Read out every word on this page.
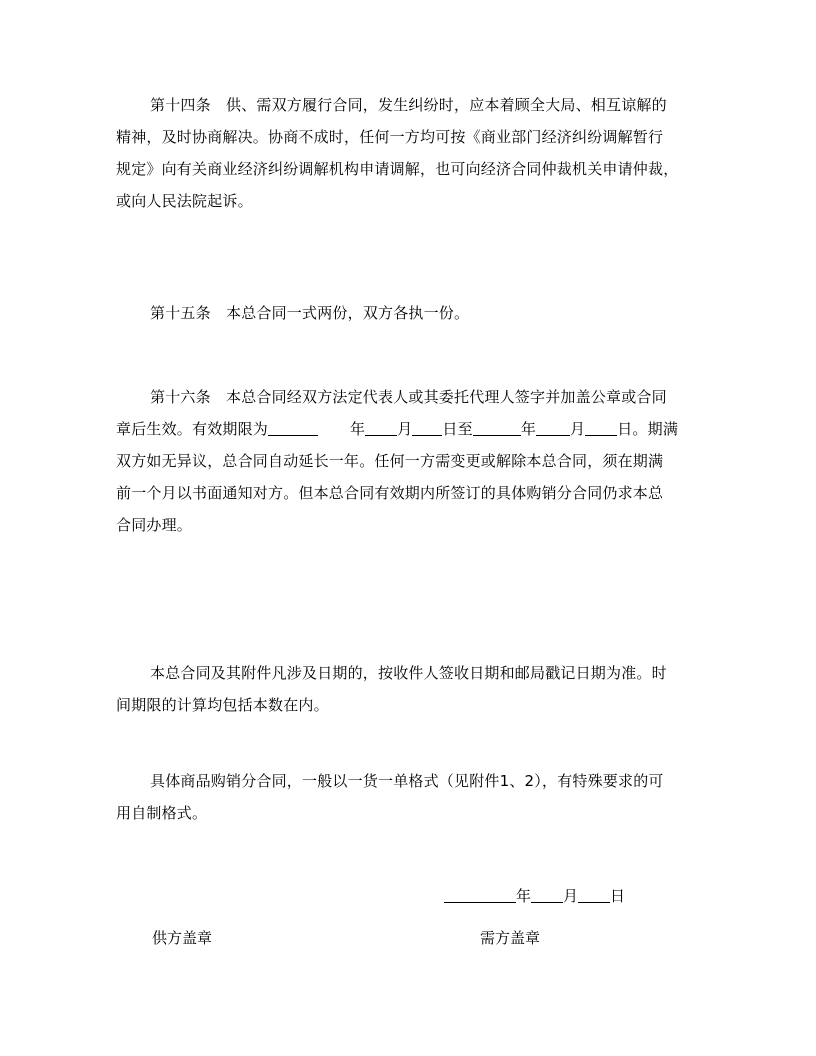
第十四条　供、需双方履行合同，发生纠纷时，应本着顾全大局、相互谅解的
精神，及时协商解决。协商不成时，任何一方均可按《商业部门经济纠纷调解暂行
规定》向有关商业经济纠纷调解机构申请调解，也可向经济合同仲裁机关申请仲裁，
或向人民法院起诉。
第十五条　本总合同一式两份，双方各执一份。
第十六条　本总合同经双方法定代表人或其委托代理人签字并加盖公章或合同
章后生效。有效期限为	年 月 日至	年 月 日。期满
双方如无异议，总合同自动延长一年。任何一方需变更或解除本总合同，须在期满
前一个月以书面通知对方。但本总合同有效期内所签订的具体购销分合同仍求本总
合同办理。
本总合同及其附件凡涉及日期的，按收件人签收日期和邮局戳记日期为准。时
间期限的计算均包括本数在内。
具体商品购销分合同，一般以一货一单格式（见附件1、2），有特殊要求的可
用自制格式。
年 月 日
供方盖章	需方盖章
